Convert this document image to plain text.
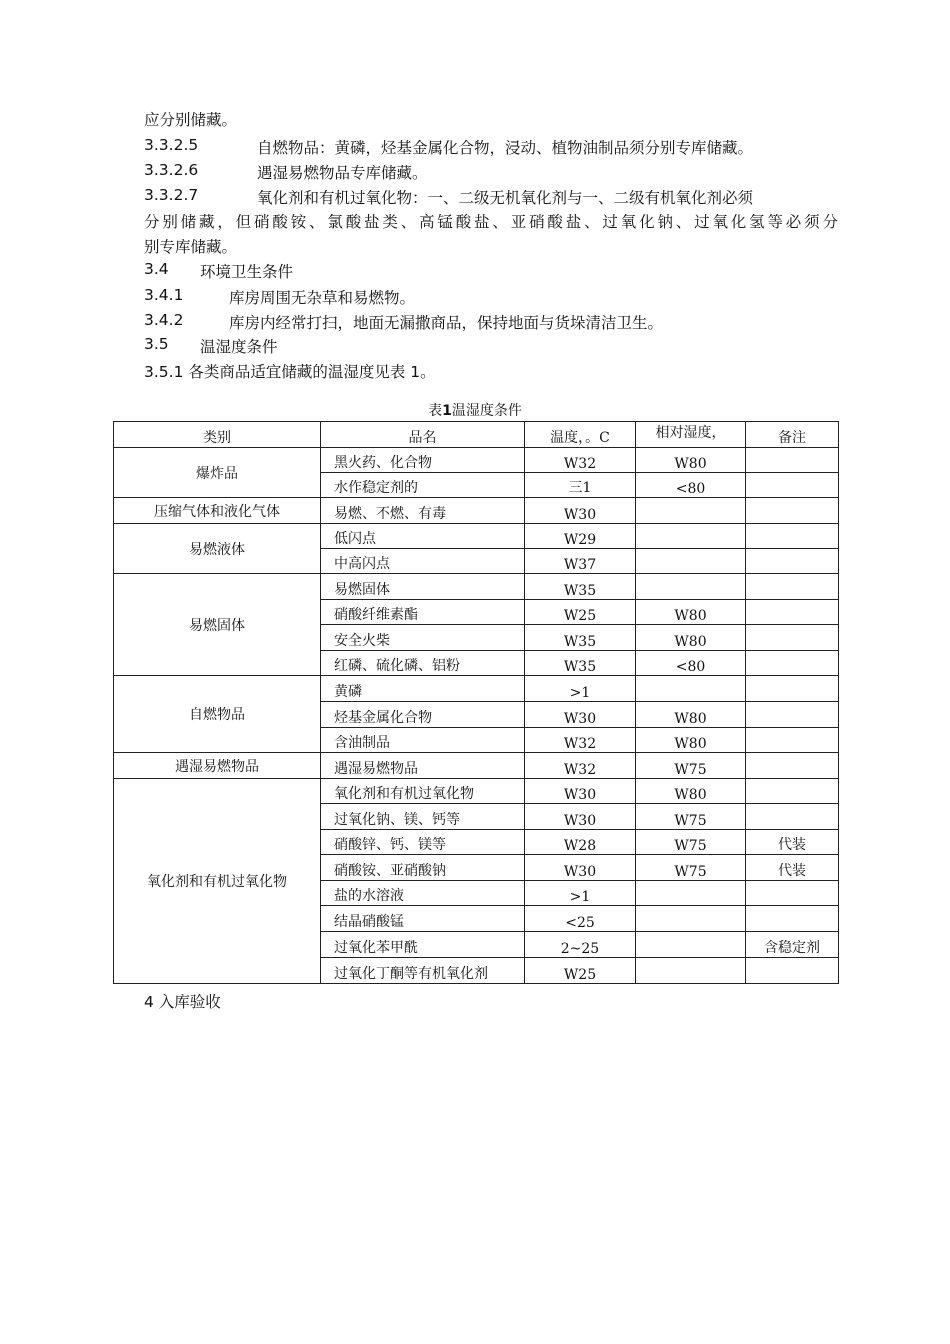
应分别储藏。
3.3.2.5	自燃物品：黄磷，烃基金属化合物，浸动、植物油制品须分别专库储藏。
3.3.2.6	遇湿易燃物品专库储藏。
3.3.2.7	氧化剂和有机过氧化物：一、二级无机氧化剂与一、二级有机氧化剂必须
分别储藏，但硝酸铵、氯酸盐类、高锰酸盐、亚硝酸盐、过氧化钠、过氧化氢等必须分
别专库储藏。
3.4 环境卫生条件
3.4.1	库房周围无杂草和易燃物。
3.4.2	库房内经常打扫，地面无漏撒商品，保持地面与货垛清洁卫生。
3.5 温湿度条件
3.5.1 各类商品适宜储藏的温湿度见表 1。
表1温湿度条件
类别	品名	温度，。C	相对湿度，	备注
爆炸品	黑火药、化合物	W32	W80	
	水作稳定剂的	三1	<80	
压缩气体和液化气体	易燃、不燃、有毒	W30		
易燃液体	低闪点	W29		
	中高闪点	W37		
易燃固体	易燃固体	W35		
	硝酸纤维素酯	W25	W80	
	安全火柴	W35	W80	
	红磷、硫化磷、铝粉	W35	<80	
自燃物品	黄磷	>1		
	烃基金属化合物	W30	W80	
	含油制品	W32	W80	
遇湿易燃物品	遇湿易燃物品	W32	W75	
氧化剂和有机过氧化物	氧化剂和有机过氧化物	W30	W80	
	过氧化钠、镁、钙等	W30	W75	
	硝酸锌、钙、镁等	W28	W75	代装
	硝酸铵、亚硝酸钠	W30	W75	代装
	盐的水溶液	>1		
	结晶硝酸锰	<25		
	过氧化苯甲酰	2~25		含稳定剂
	过氧化丁酮等有机氧化剂	W25		
4 入库验收
